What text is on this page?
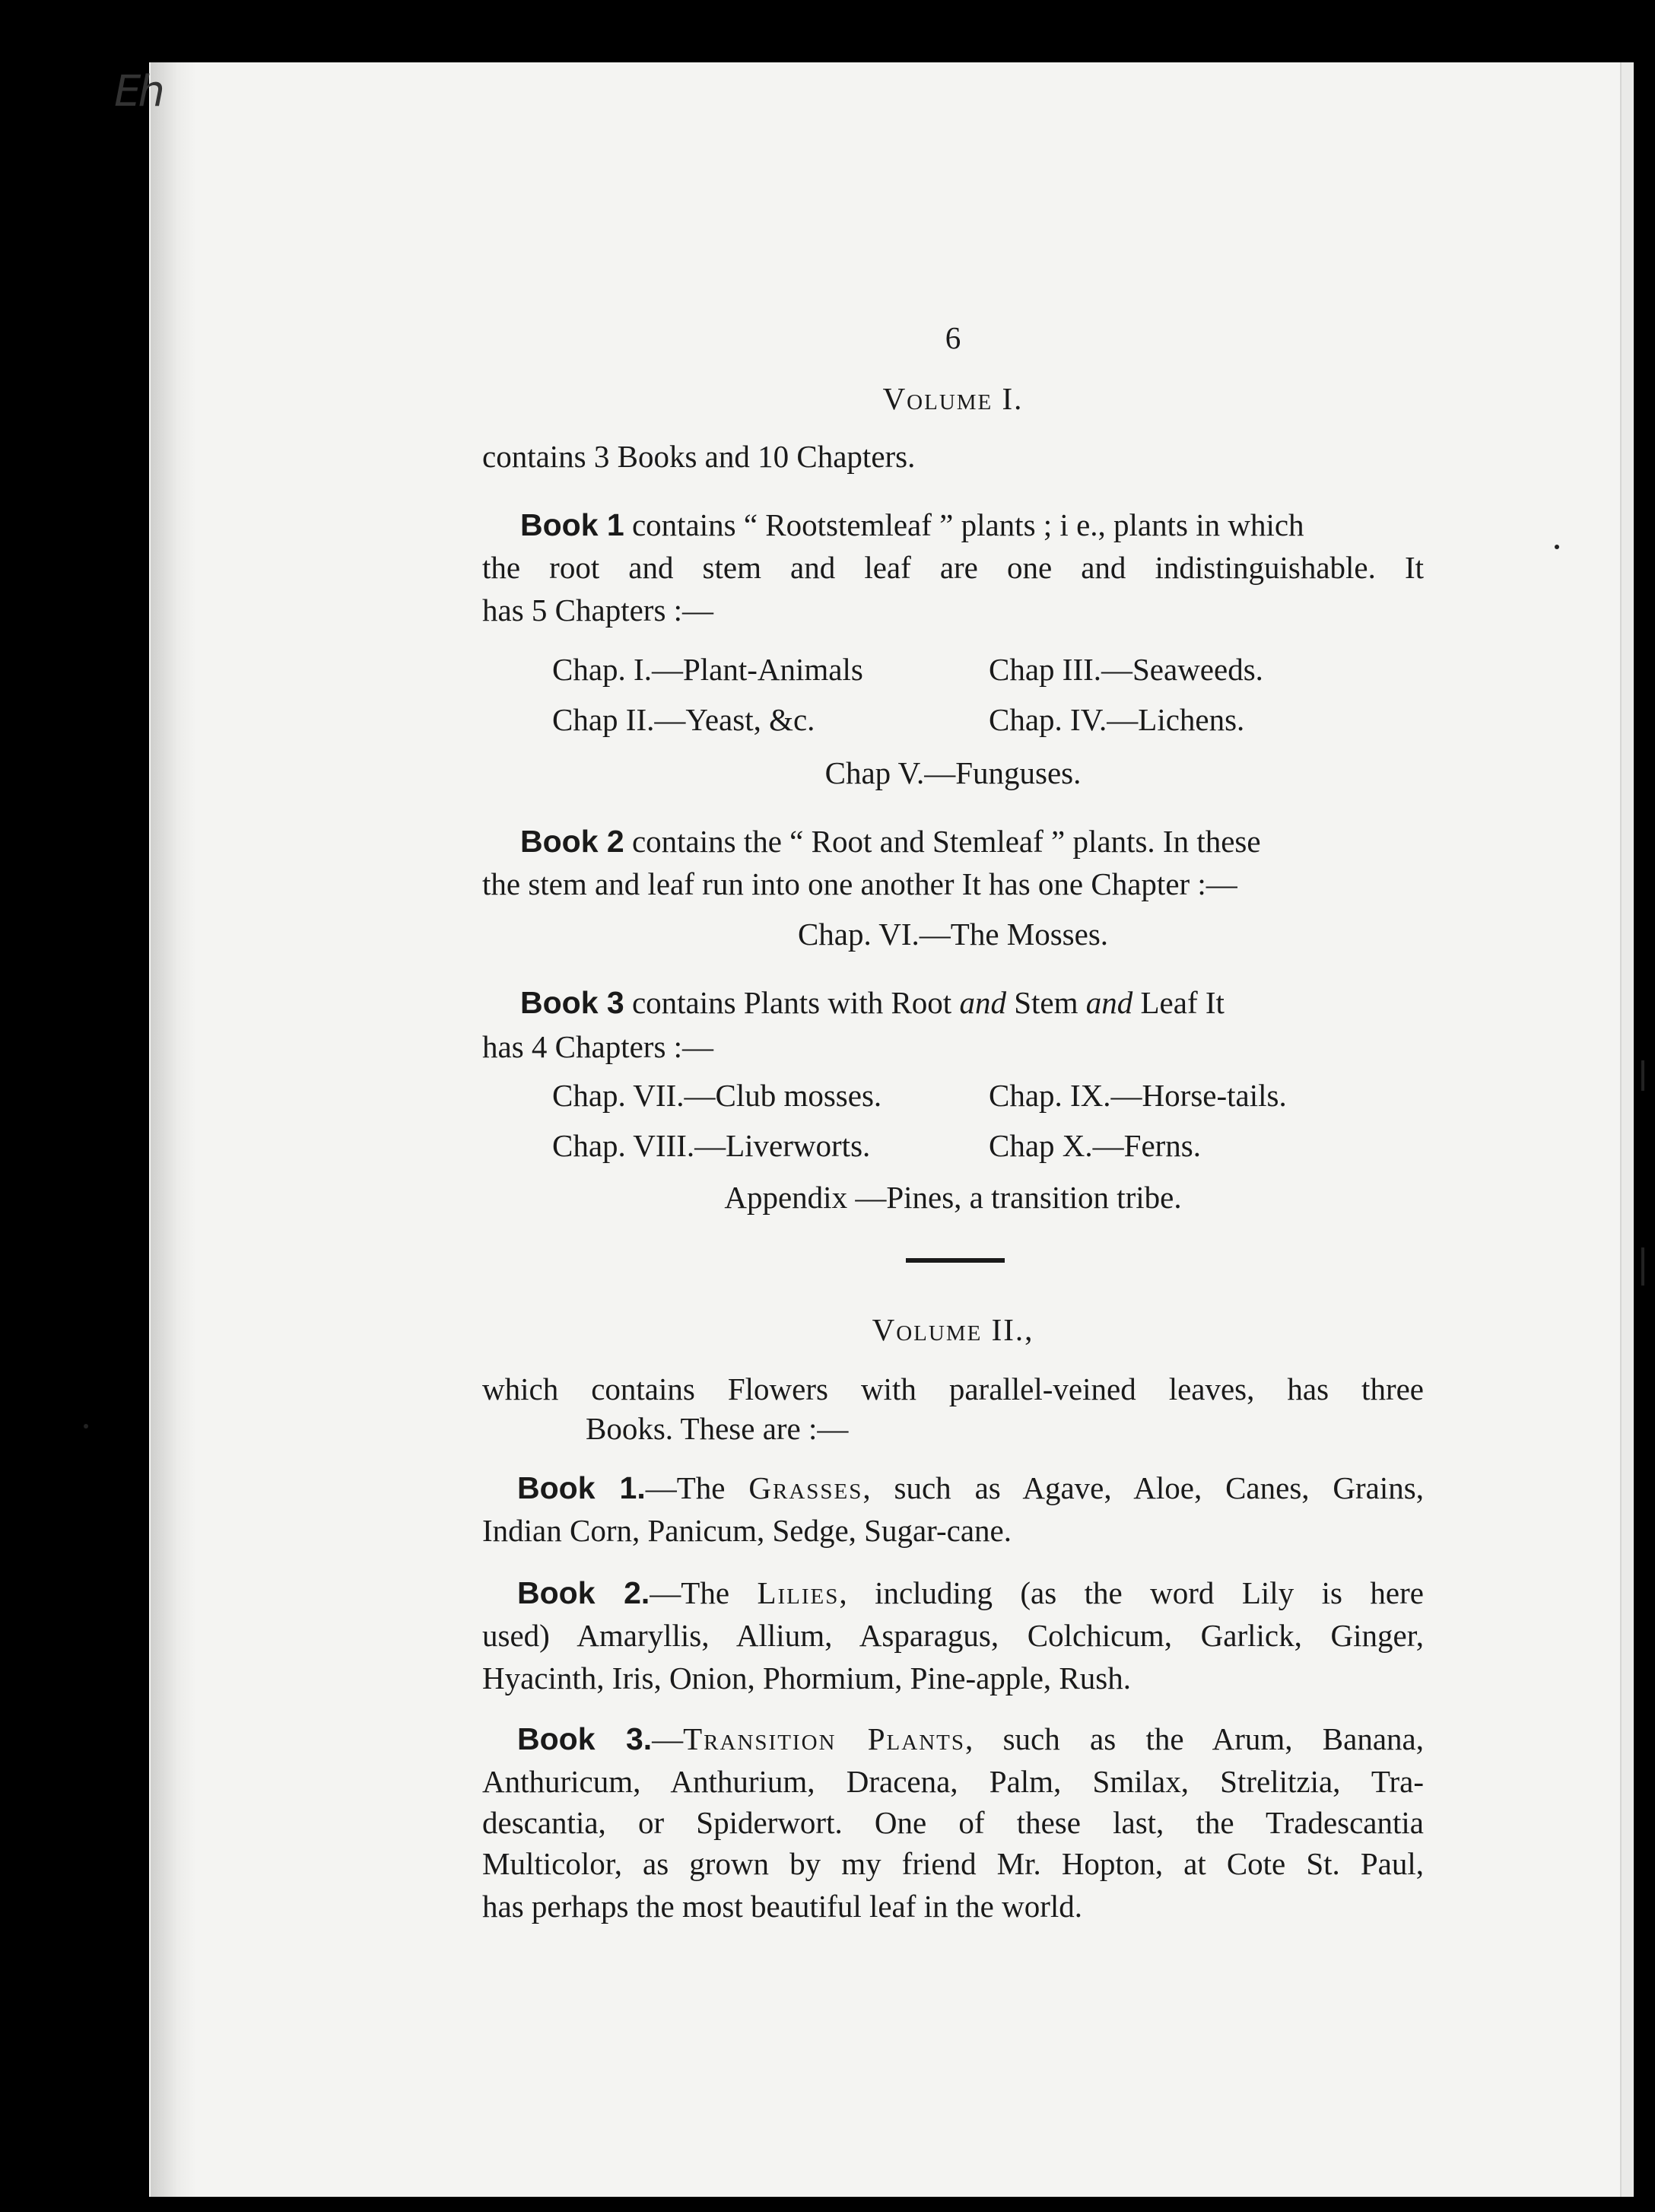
Eh
6
Volume I.
contains 3 Books and 10 Chapters.
Book 1 contains “ Rootstemleaf ” plants ; i e., plants in which
the root and stem and leaf are one and indistinguishable. It
has 5 Chapters :—
Chap. I.—Plant-Animals	Chap III.—Seaweeds.
Chap II.—Yeast, &c.	Chap. IV.—Lichens.
Chap V.—Funguses.
Book 2 contains the “ Root and Stemleaf ” plants. In these
the stem and leaf run into one another It has one Chapter :—
Chap. VI.—The Mosses.
Book 3 contains Plants with Root and Stem and Leaf It
has 4 Chapters :—
Chap. VII.—Club mosses.	Chap. IX.—Horse-tails.
Chap. VIII.—Liverworts.	Chap X.—Ferns.
Appendix —Pines, a transition tribe.
Volume II.,
which contains Flowers with parallel-veined leaves, has three
Books. These are :—
Book 1.—The Grasses, such as Agave, Aloe, Canes, Grains,
Indian Corn, Panicum, Sedge, Sugar-cane.
Book 2.—The Lilies, including (as the word Lily is here
used) Amaryllis, Allium, Asparagus, Colchicum, Garlick, Ginger,
Hyacinth, Iris, Onion, Phormium, Pine-apple, Rush.
Book 3.—Transition Plants, such as the Arum, Banana,
Anthuricum, Anthurium, Dracena, Palm, Smilax, Strelitzia, Tra-
descantia, or Spiderwort. One of these last, the Tradescantia
Multicolor, as grown by my friend Mr. Hopton, at Cote St. Paul,
has perhaps the most beautiful leaf in the world.
